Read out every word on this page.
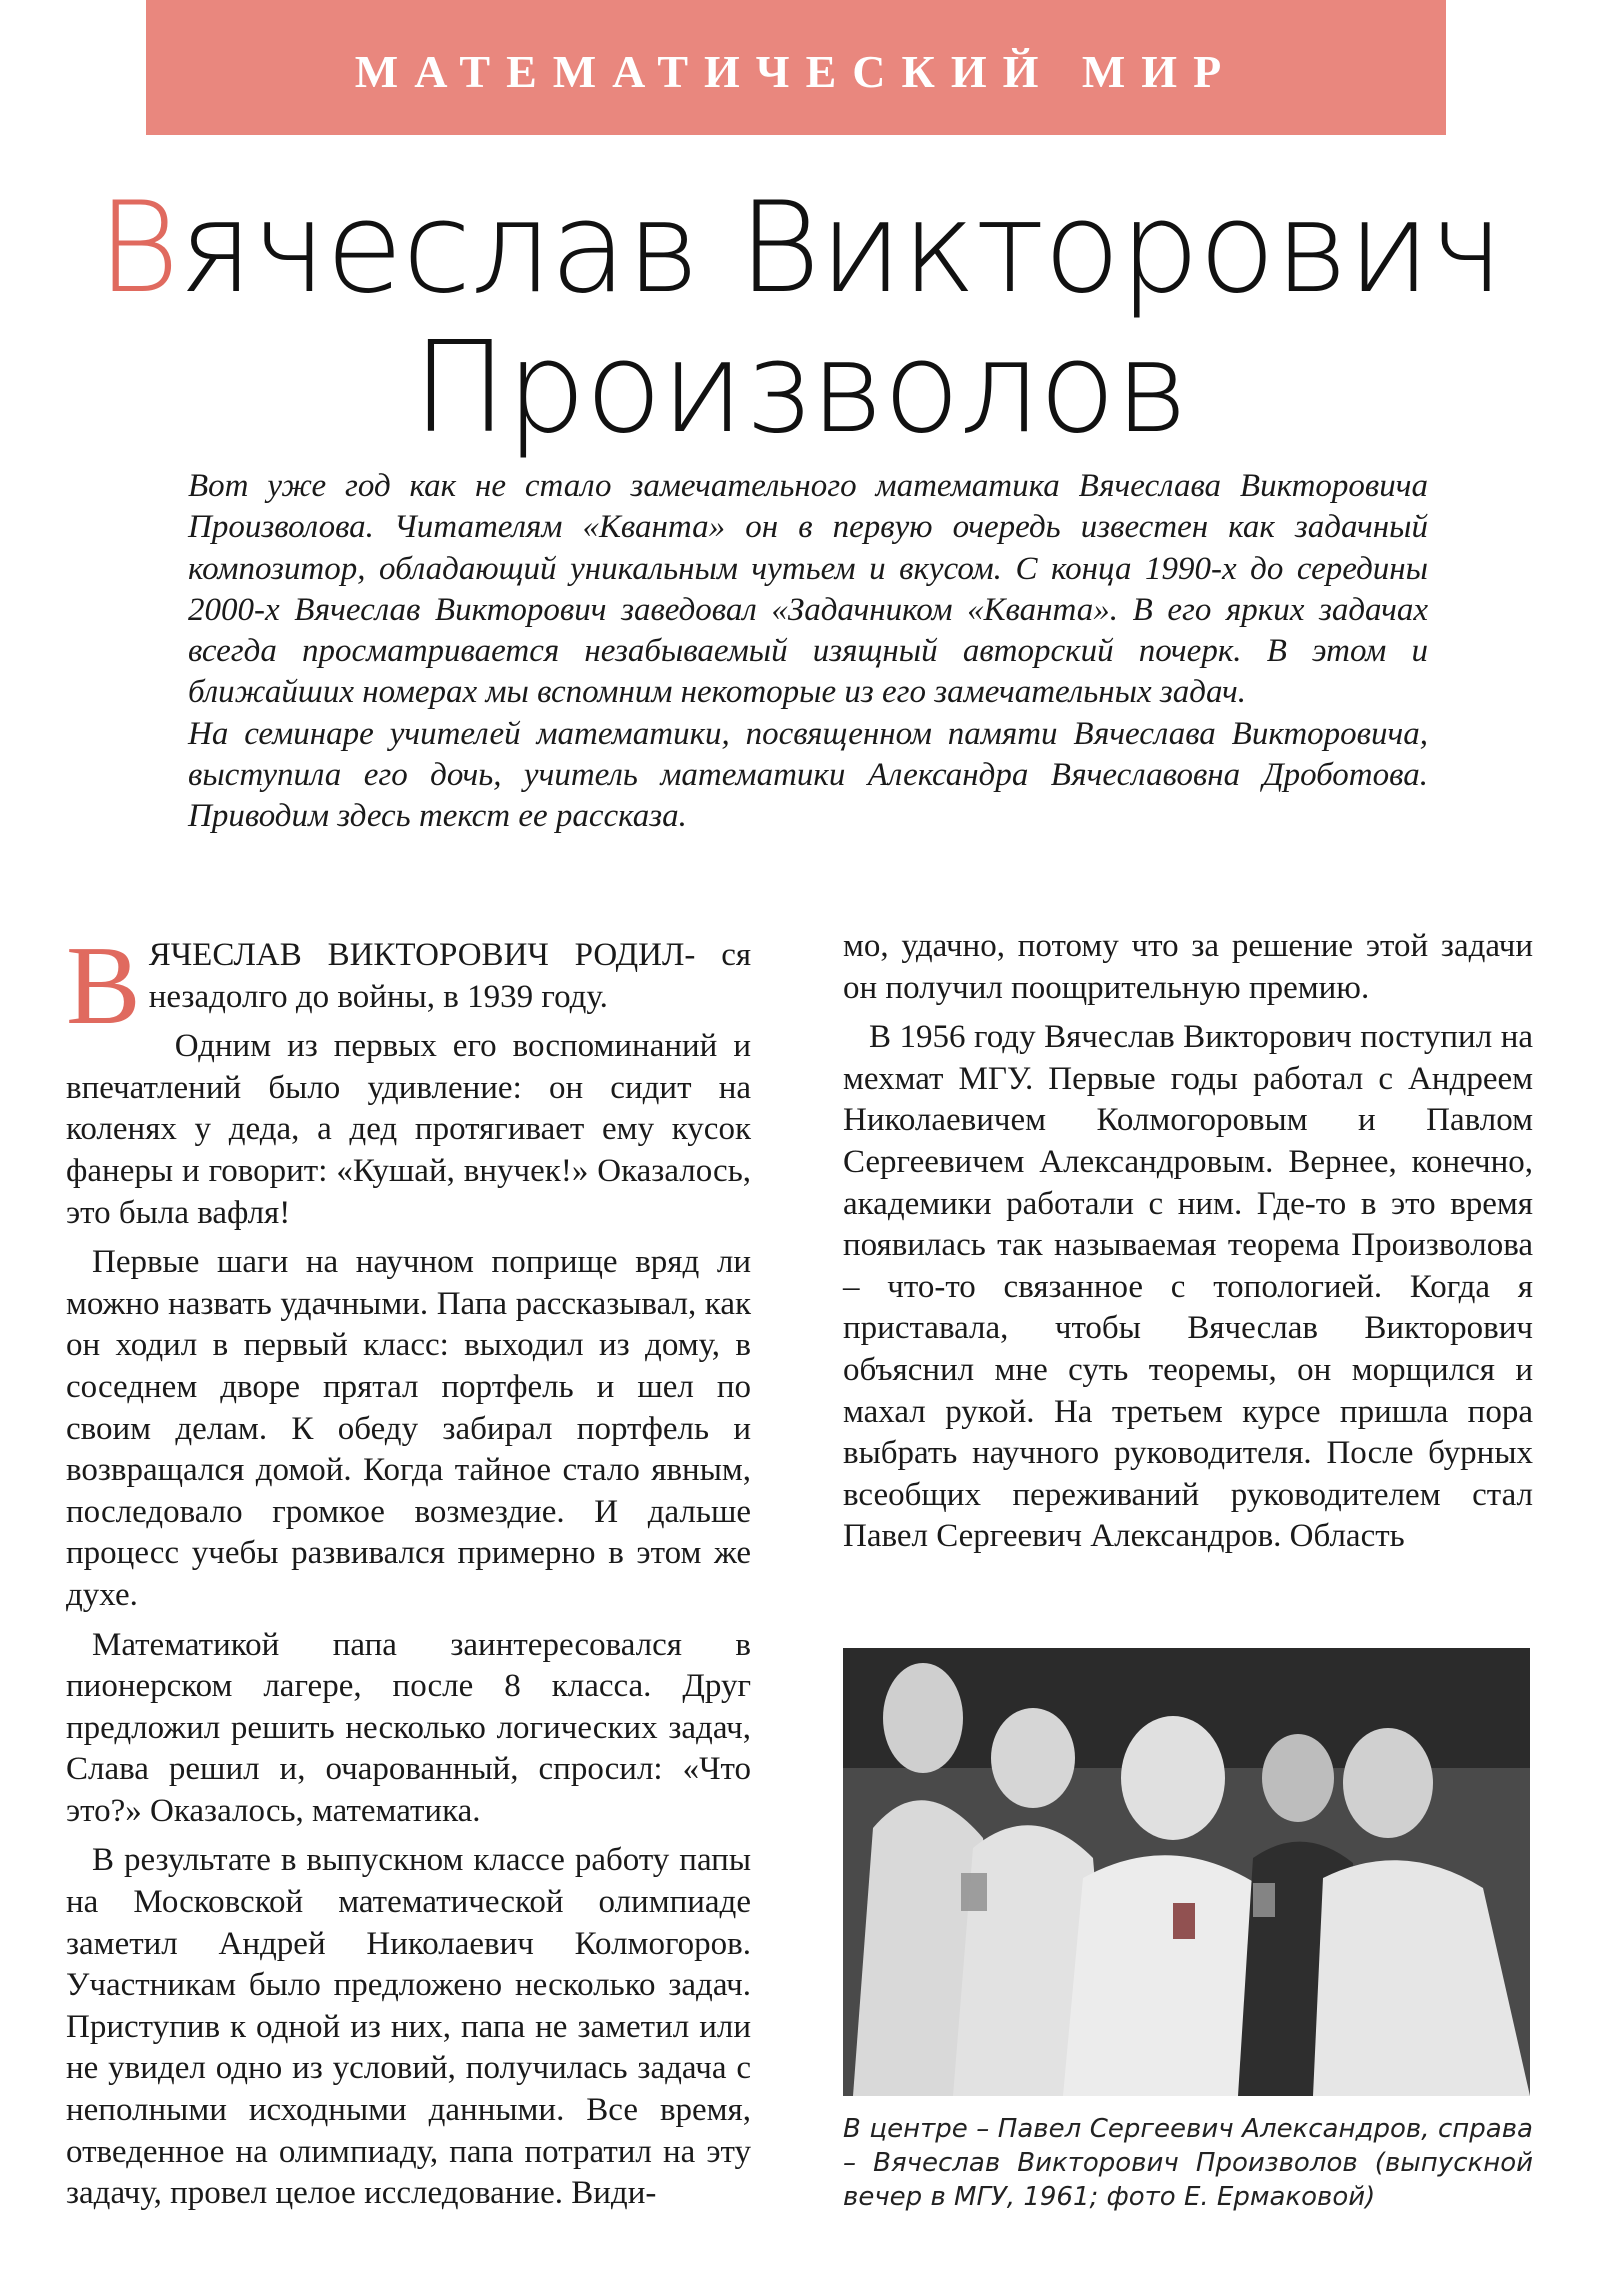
МАТЕМАТИЧЕСКИЙ МИР
Вячеслав Викторович
Произволов

Вот уже год как не стало замечательного математика Вячеслава Викторовича Произволова. Читателям «Кванта» он в первую очередь известен как задачный композитор, обладающий уникальным чутьем и вкусом. С конца 1990-х до середины 2000-х Вячеслав Викторович заведовал «Задачником «Кванта». В его ярких задачах всегда просматривается незабываемый изящный авторский почерк. В этом и ближайших номерах мы вспомним некоторые из его замечательных задач.

На семинаре учителей математики, посвященном памяти Вячеслава Викторовича, выступила его дочь, учитель математики Александра Вячеславовна Дроботова. Приводим здесь текст ее рассказа.

ВЯЧЕСЛАВ ВИКТОРОВИЧ РОДИЛ- ся незадолго до войны, в 1939 году.

Одним из первых его воспоминаний и впечатлений было удивление: он сидит на коленях у деда, а дед протягивает ему кусок фанеры и говорит: «Кушай, внучек!» Оказалось, это была вафля!

Первые шаги на научном поприще вряд ли можно назвать удачными. Папа рассказывал, как он ходил в первый класс: выходил из дому, в соседнем дворе прятал портфель и шел по своим делам. К обеду забирал портфель и возвращался домой. Когда тайное стало явным, последовало громкое возмездие. И дальше процесс учебы развивался примерно в этом же духе.

Математикой папа заинтересовался в пионерском лагере, после 8 класса. Друг предложил решить несколько логических задач, Слава решил и, очарованный, спросил: «Что это?» Оказалось, математика.

В результате в выпускном классе работу папы на Московской математической олимпиаде заметил Андрей Николаевич Колмогоров. Участникам было предложено несколько задач. Приступив к одной из них, папа не заметил или не увидел одно из условий, получилась задача с неполными исходными данными. Все время, отведенное на олимпиаду, папа потратил на эту задачу, провел целое исследование. Види-

мо, удачно, потому что за решение этой задачи он получил поощрительную премию.

В 1956 году Вячеслав Викторович поступил на мехмат МГУ. Первые годы работал с Андреем Николаевичем Колмогоровым и Павлом Сергеевичем Александровым. Вернее, конечно, академики работали с ним. Где-то в это время появилась так называемая теорема Произволова – что-то связанное с топологией. Когда я приставала, чтобы Вячеслав Викторович объяснил мне суть теоремы, он морщился и махал рукой. На третьем курсе пришла пора выбрать научного руководителя. После бурных всеобщих переживаний руководителем стал Павел Сергеевич Александров. Область

В центре – Павел Сергеевич Александров, справа – Вячеслав Викторович Произволов (выпускной вечер в МГУ, 1961; фото Е. Ермаковой)
